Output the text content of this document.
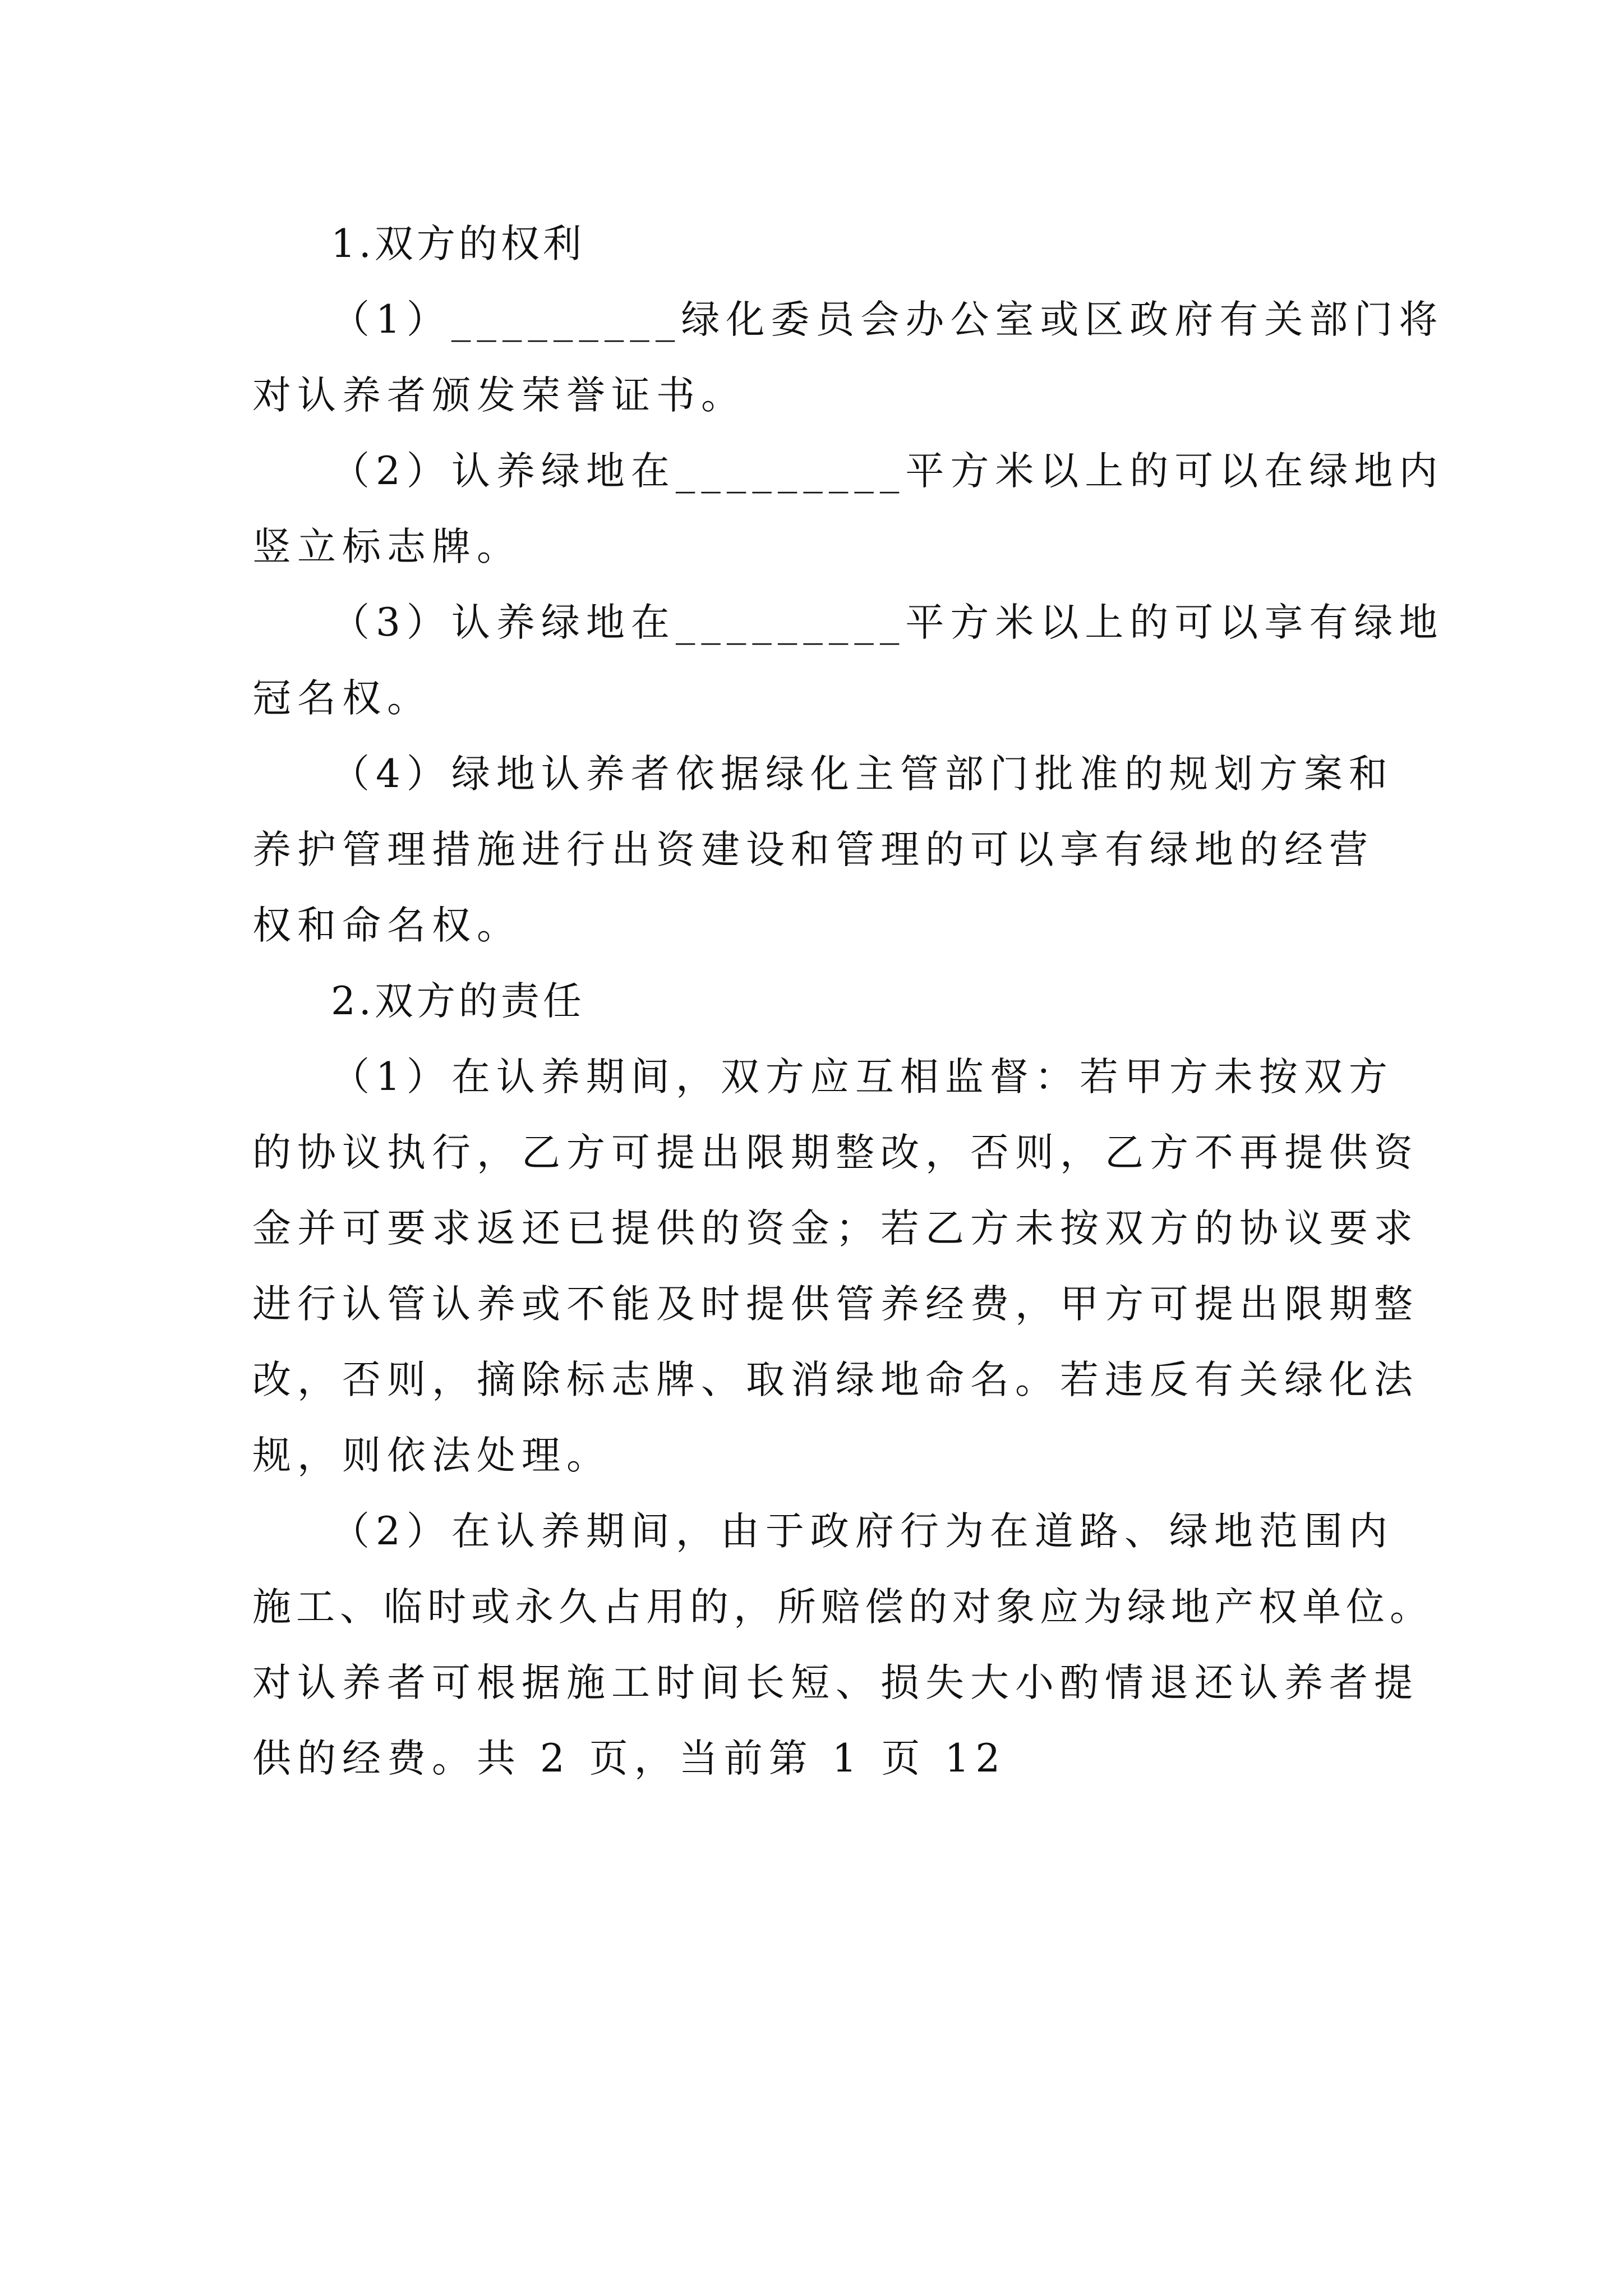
1.双方的权利
（1）_________绿化委员会办公室或区政府有关部门将
对认养者颁发荣誉证书。
（2）认养绿地在_________平方米以上的可以在绿地内
竖立标志牌。
（3）认养绿地在_________平方米以上的可以享有绿地
冠名权。
（4）绿地认养者依据绿化主管部门批准的规划方案和
养护管理措施进行出资建设和管理的可以享有绿地的经营
权和命名权。
2.双方的责任
（1）在认养期间，双方应互相监督：若甲方未按双方
的协议执行，乙方可提出限期整改，否则，乙方不再提供资
金并可要求返还已提供的资金；若乙方未按双方的协议要求
进行认管认养或不能及时提供管养经费，甲方可提出限期整
改，否则，摘除标志牌、取消绿地命名。若违反有关绿化法
规，则依法处理。
（2）在认养期间，由于政府行为在道路、绿地范围内
施工、临时或永久占用的，所赔偿的对象应为绿地产权单位。
对认养者可根据施工时间长短、损失大小酌情退还认养者提
供的经费。共 2 页，当前第 1 页 12
